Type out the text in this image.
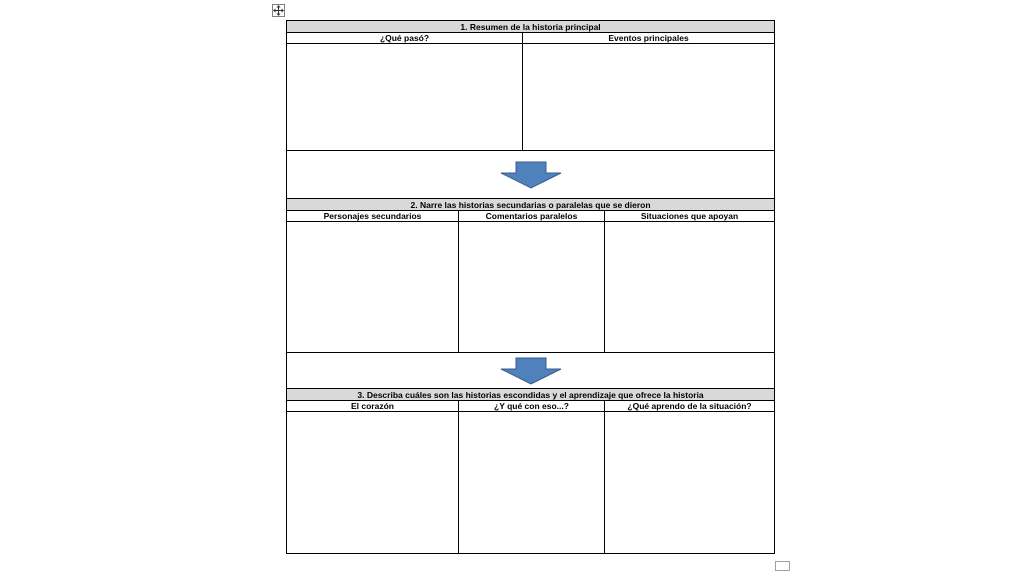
1. Resumen de la historia principal			
¿Qué pasó?		Eventos principales	

2. Narre las historias secundarias o paralelas que se dieron			
Personajes secundarios	Comentarios paralelos		Situaciones que apoyan

3. Describa cuáles son las historias escondidas y el aprendizaje que ofrece la historia			
El corazón	¿Y qué con eso...?		¿Qué aprendo de la situación?
